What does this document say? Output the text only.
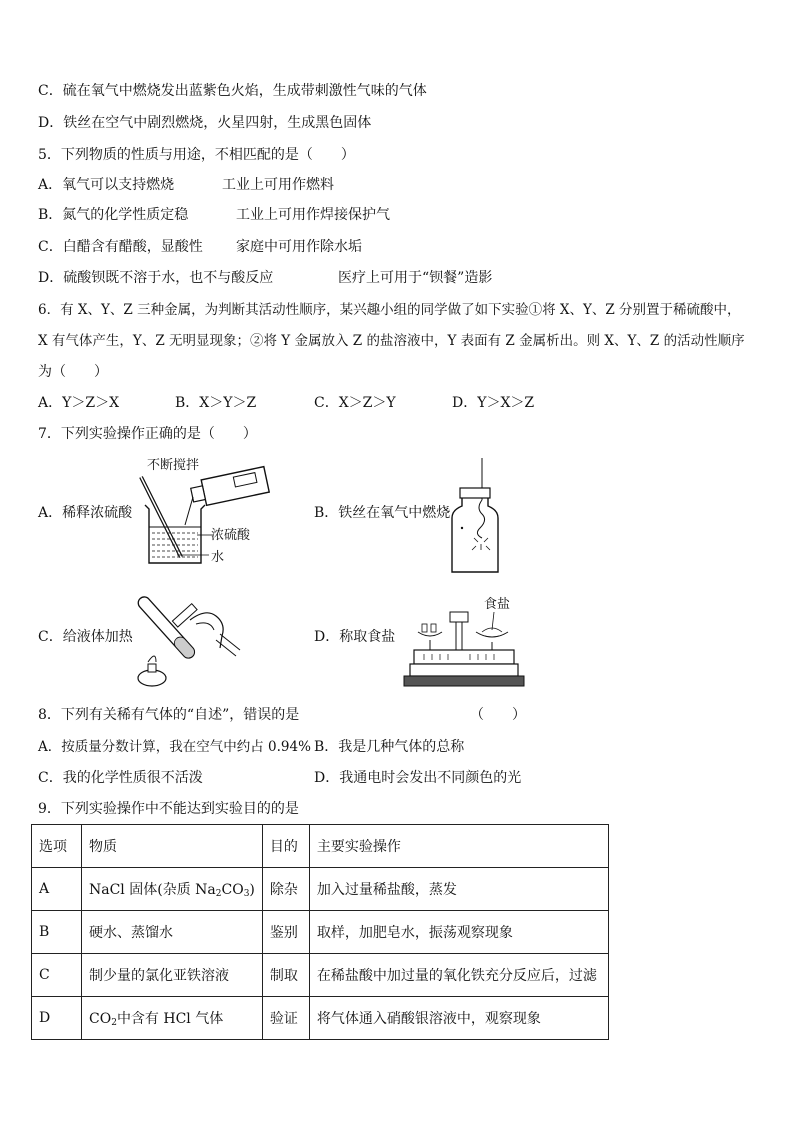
C．硫在氧气中燃烧发出蓝紫色火焰，生成带刺激性气味的气体
D．铁丝在空气中剧烈燃烧，火星四射，生成黑色固体
5．下列物质的性质与用途，不相匹配的是（　　）
A．氧气可以支持燃烧	工业上可用作燃料
B．氮气的化学性质定稳	工业上可用作焊接保护气
C．白醋含有醋酸，显酸性 家庭中可用作除水垢
D．硫酸钡既不溶于水，也不与酸反应	医疗上可用于“钡餐”造影
6．有 X、Y、Z 三种金属，为判断其活动性顺序，某兴趣小组的同学做了如下实验①将 X、Y、Z 分别置于稀硫酸中，
X 有气体产生，Y、Z 无明显现象；②将 Y 金属放入 Z 的盐溶液中，Y 表面有 Z 金属析出。则 X、Y、Z 的活动性顺序
为（　　）
A．Y＞Z＞X	B．X＞Y＞Z	C．X＞Z＞Y	D．Y＞X＞Z
7．下列实验操作正确的是（　　）
A．稀释浓硫酸	B．铁丝在氧气中燃烧
C．给液体加热	D．称取食盐
不断搅拌
浓硫酸
水
食盐
8．下列有关稀有气体的“自述”，错误的是	（　　）
A．按质量分数计算，我在空气中约占 0.94% B．我是几种气体的总称
C．我的化学性质很不活泼	D．我通电时会发出不同颜色的光
9．下列实验操作中不能达到实验目的的是
选项	物质	目的	主要实验操作
A	NaCl 固体(杂质 $Na_2CO_3$)	除杂	加入过量稀盐酸，蒸发
B	硬水、蒸馏水	鉴别	取样，加肥皂水，振荡观察现象
C	制少量的氯化亚铁溶液	制取	在稀盐酸中加过量的氧化铁充分反应后，过滤
D	$CO_2$中含有 HCl 气体	验证	将气体通入硝酸银溶液中，观察现象
